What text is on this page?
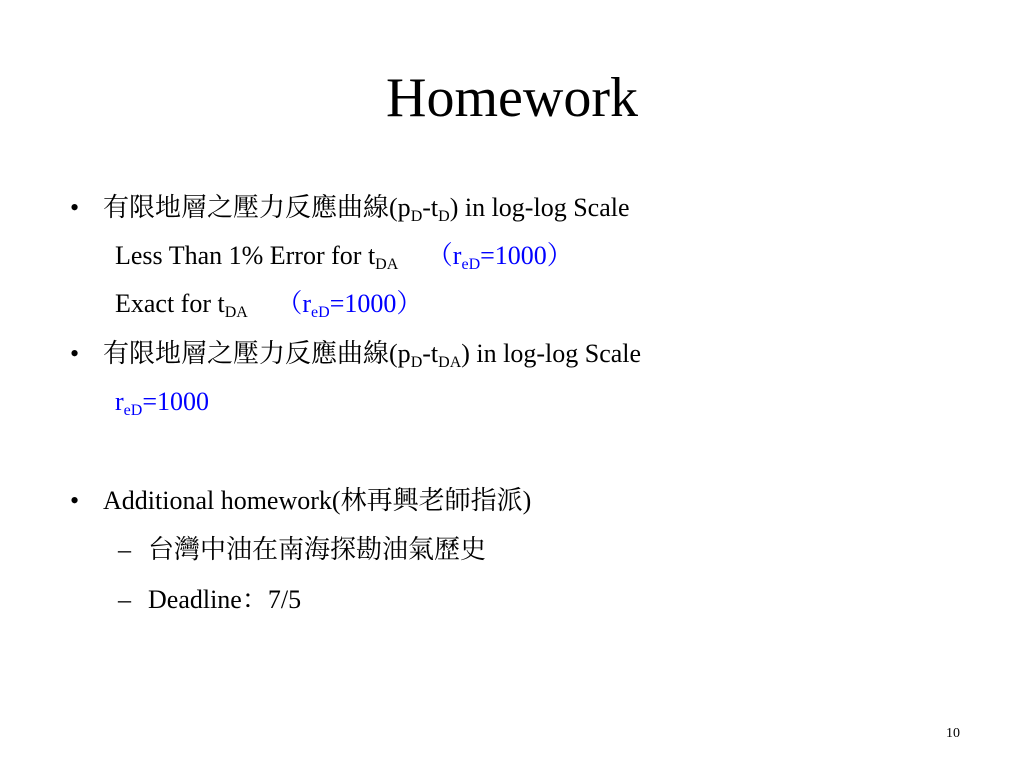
Homework
• 有限地層之壓力反應曲線$(p_D-t_D)$ in log-log Scale
Less Than 1% Error for $t_{DA}$ $(r_{eD}=1000)$
Exact for $t_{DA}$ $(r_{eD}=1000)$
• 有限地層之壓力反應曲線$(p_D-t_{DA})$ in log-log Scale
$r_{eD}=1000$
• Additional homework(林再興老師指派)
– 台灣中油在南海探勘油氣歷史
– Deadline：7/5
10
